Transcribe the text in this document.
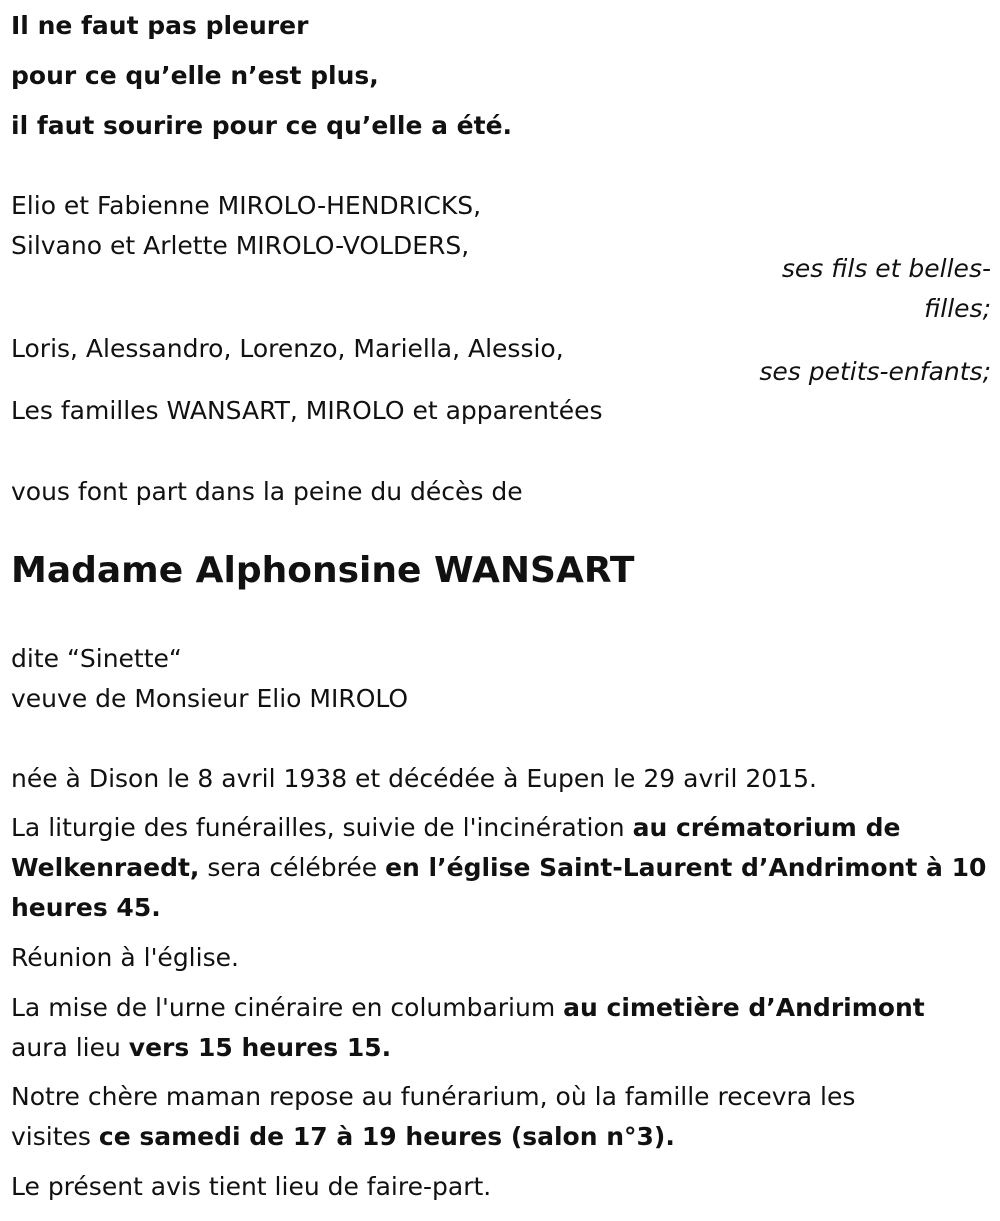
Il ne faut pas pleurer
pour ce qu’elle n’est plus,
il faut sourire pour ce qu’elle a été.
Elio et Fabienne MIROLO-HENDRICKS,
Silvano et Arlette MIROLO-VOLDERS,
ses fils et belles-
filles;
Loris, Alessandro, Lorenzo, Mariella, Alessio,
ses petits-enfants;
Les familles WANSART, MIROLO et apparentées
vous font part dans la peine du décès de
Madame Alphonsine WANSART
dite “Sinette“
veuve de Monsieur Elio MIROLO
née à Dison le 8 avril 1938 et décédée à Eupen le 29 avril 2015.
La liturgie des funérailles, suivie de l'incinération au crématorium de
Welkenraedt, sera célébrée en l’église Saint-Laurent d’Andrimont à 10
heures 45.
Réunion à l'église.
La mise de l'urne cinéraire en columbarium au cimetière d’Andrimont
aura lieu vers 15 heures 15.
Notre chère maman repose au funérarium, où la famille recevra les
visites ce samedi de 17 à 19 heures (salon n°3).
Le présent avis tient lieu de faire-part.
